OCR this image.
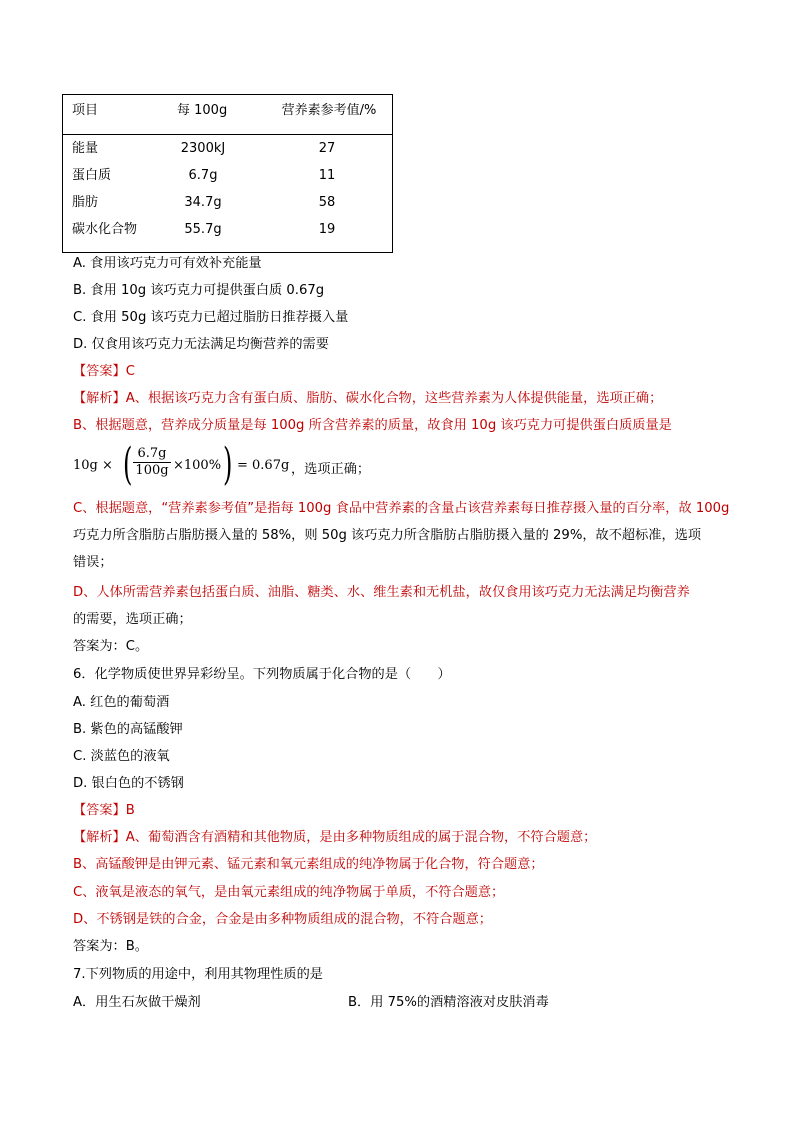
项目	每 100g	营养素参考值/%
能量	2300kJ	27
蛋白质	6.7g	11
脂肪	34.7g	58
碳水化合物	55.7g	19
A. 食用该巧克力可有效补充能量
B. 食用 10g 该巧克力可提供蛋白质 0.67g
C. 食用 50g 该巧克力已超过脂肪日推荐摄入量
D. 仅食用该巧克力无法满足均衡营养的需要
【答案】C
【解析】A、根据该巧克力含有蛋白质、脂肪、碳水化合物，这些营养素为人体提供能量，选项正确；
B、根据题意，营养成分质量是每 100g 所含营养素的质量，故食用 10g 该巧克力可提供蛋白质质量是
10g × ( $\frac{6.7g}{100g} \times 100\%$ ) = 0.67g ，选项正确；
C、根据题意，“营养素参考值”是指每 100g 食品中营养素的含量占该营养素每日推荐摄入量的百分率，故 100g
巧克力所含脂肪占脂肪摄入量的 58%，则 50g 该巧克力所含脂肪占脂肪摄入量的 29%，故不超标准，选项
错误；
D、人体所需营养素包括蛋白质、油脂、糖类、水、维生素和无机盐，故仅食用该巧克力无法满足均衡营养
的需要，选项正确；
答案为：C。
6．化学物质使世界异彩纷呈。下列物质属于化合物的是（　　）
A. 红色的葡萄酒
B. 紫色的高锰酸钾
C. 淡蓝色的液氧
D. 银白色的不锈钢
【答案】B
【解析】A、葡萄酒含有酒精和其他物质，是由多种物质组成的属于混合物，不符合题意；
B、高锰酸钾是由钾元素、锰元素和氧元素组成的纯净物属于化合物，符合题意；
C、液氧是液态的氧气，是由氧元素组成的纯净物属于单质，不符合题意；
D、不锈钢是铁的合金，合金是由多种物质组成的混合物，不符合题意；
答案为：B。
7.下列物质的用途中，利用其物理性质的是
A．用生石灰做干燥剂	B．用 75%的酒精溶液对皮肤消毒
